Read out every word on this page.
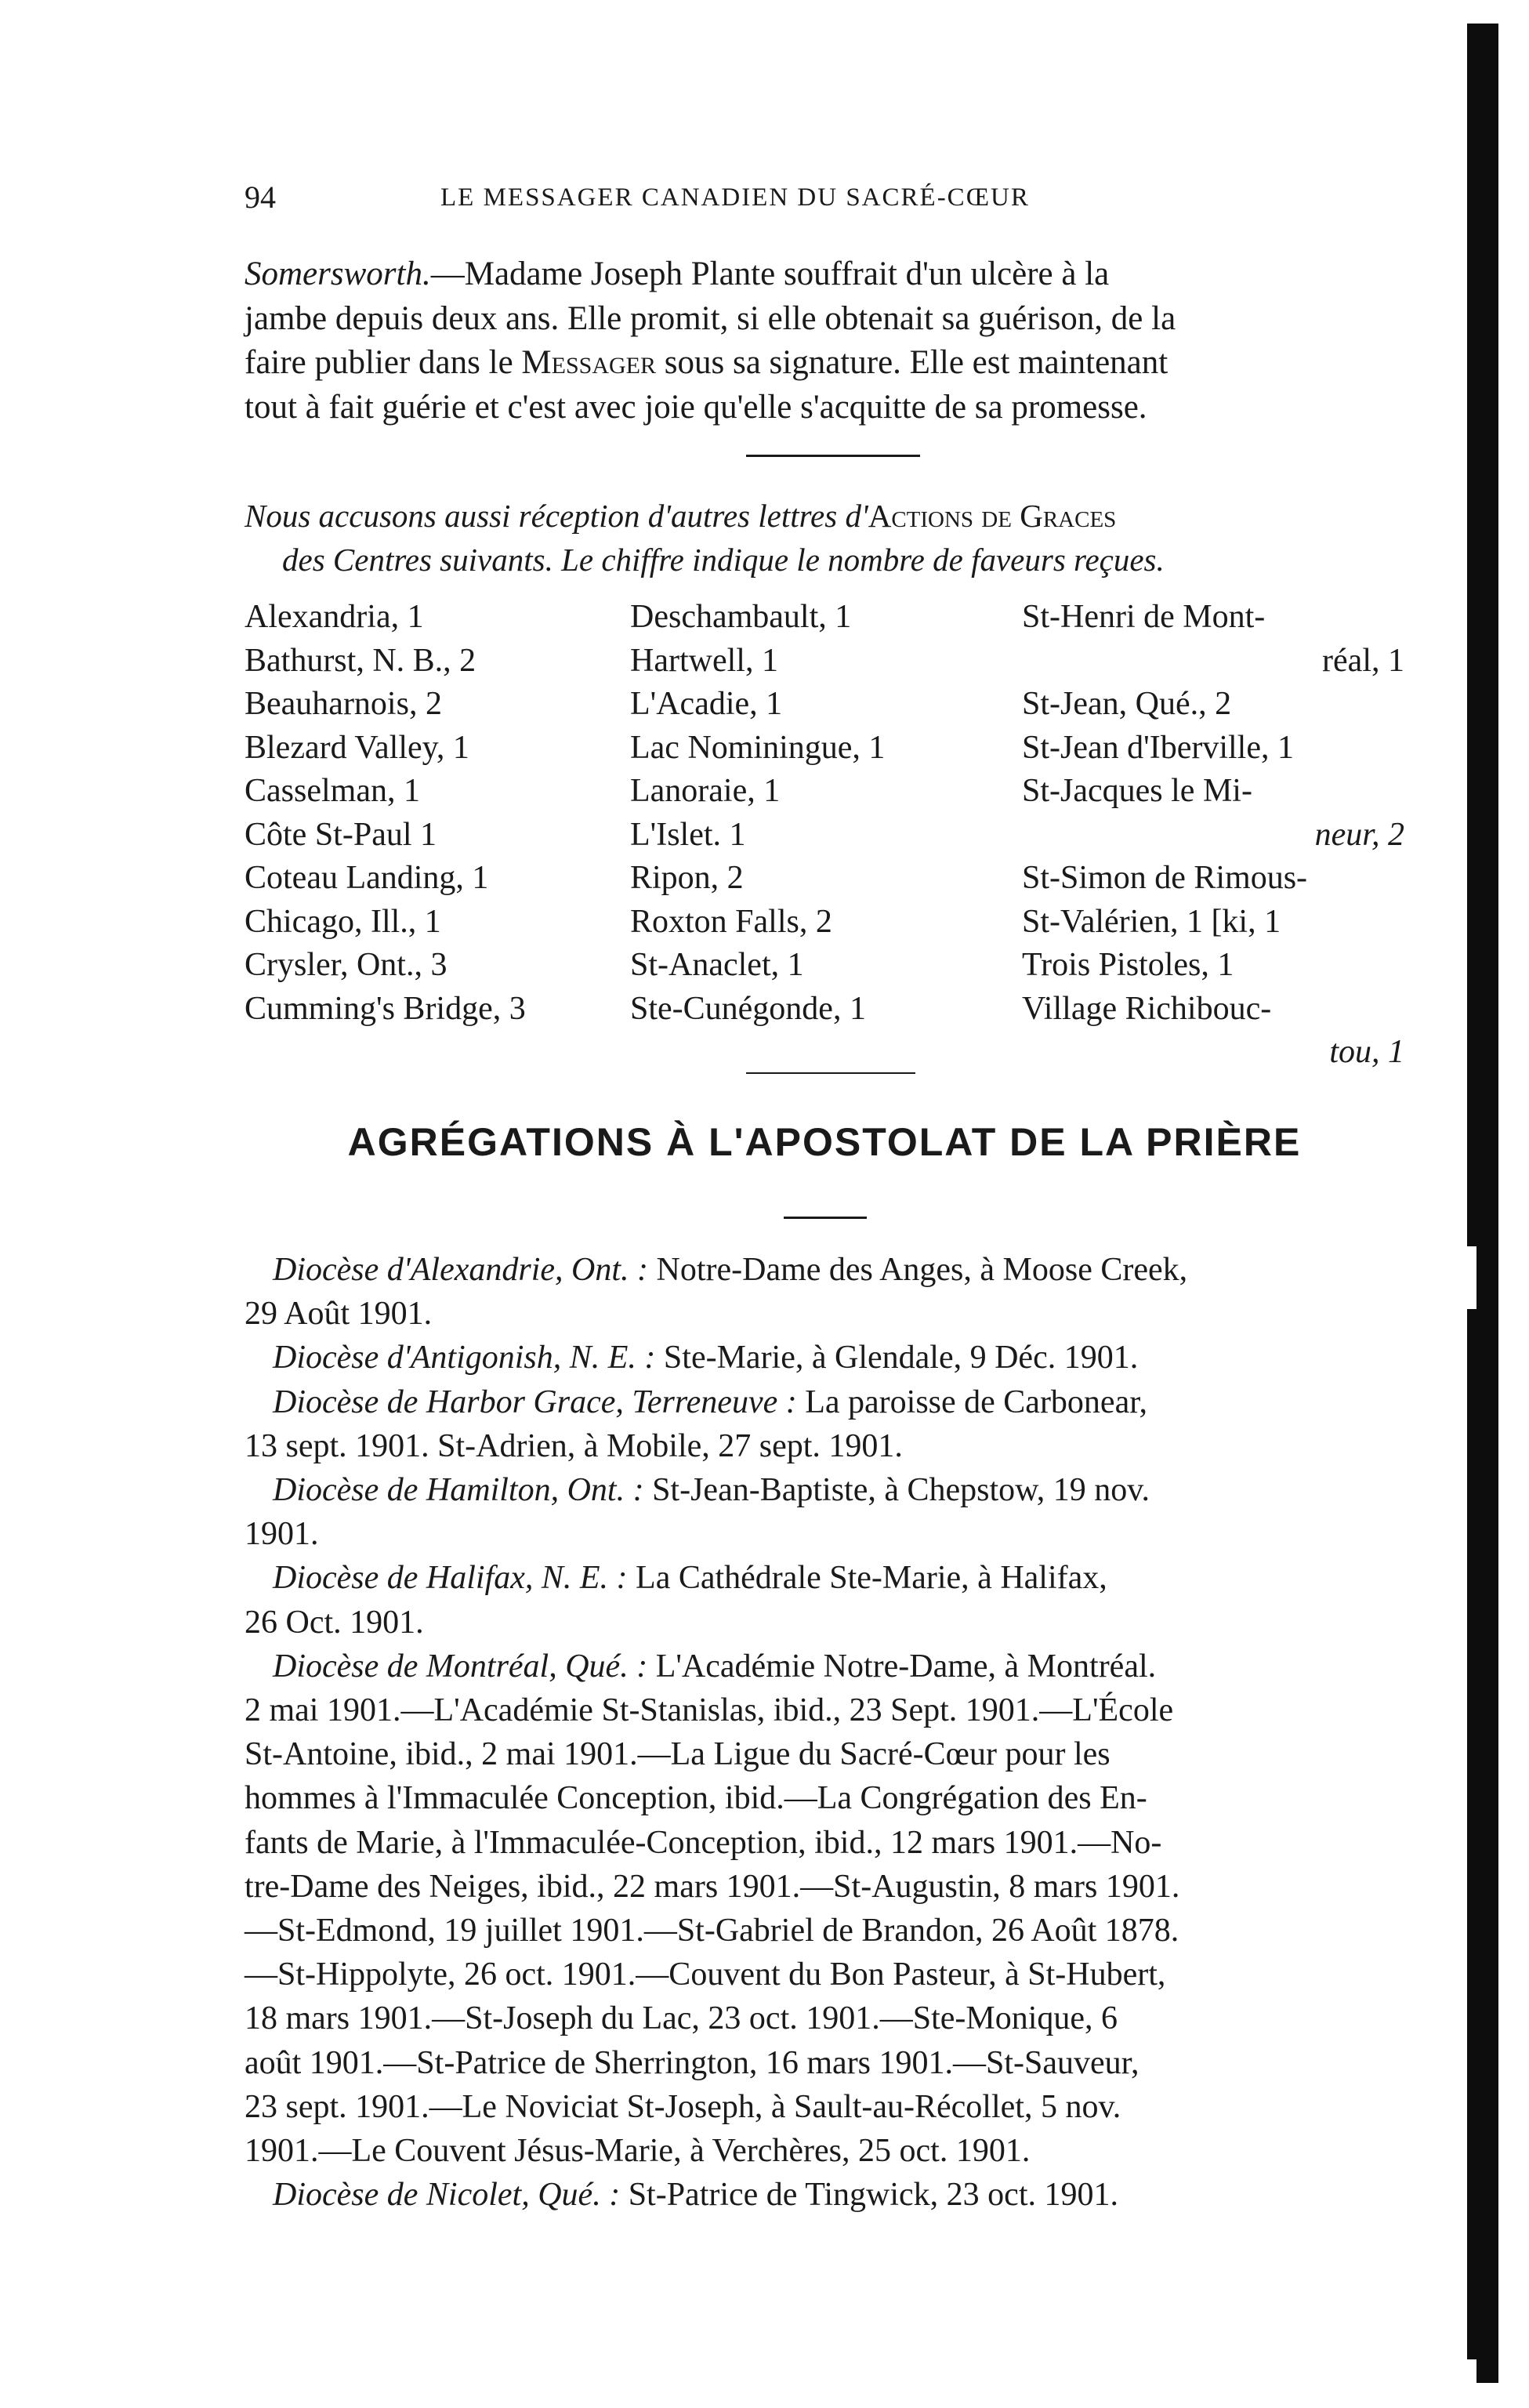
94	LE MESSAGER CANADIEN DU SACRÉ-CŒUR
Somersworth.—Madame Joseph Plante souffrait d'un ulcère à la
jambe depuis deux ans. Elle promit, si elle obtenait sa guérison, de la
faire publier dans le Messager sous sa signature. Elle est maintenant
tout à fait guérie et c'est avec joie qu'elle s'acquitte de sa promesse.
Nous accusons aussi réception d'autres lettres d'Actions de Graces
des Centres suivants. Le chiffre indique le nombre de faveurs reçues.
Alexandria, 1
Bathurst, N. B., 2
Beauharnois, 2
Blezard Valley, 1
Casselman, 1
Côte St-Paul 1
Coteau Landing, 1
Chicago, Ill., 1
Crysler, Ont., 3
Cumming's Bridge, 3
Deschambault, 1
Hartwell, 1
L'Acadie, 1
Lac Nominingue, 1
Lanoraie, 1
L'Islet. 1
Ripon, 2
Roxton Falls, 2
St-Anaclet, 1
Ste-Cunégonde, 1
St-Henri de Mont-
réal, 1
St-Jean, Qué., 2
St-Jean d'Iberville, 1
St-Jacques le Mi-
neur, 2
St-Simon de Rimous-
St-Valérien, 1 [ki, 1
Trois Pistoles, 1
Village Richibouc-
tou, 1
AGRÉGATIONS À L'APOSTOLAT DE LA PRIÈRE
Diocèse d'Alexandrie, Ont. : Notre-Dame des Anges, à Moose Creek,
29 Août 1901.
Diocèse d'Antigonish, N. E. : Ste-Marie, à Glendale, 9 Déc. 1901.
Diocèse de Harbor Grace, Terreneuve : La paroisse de Carbonear,
13 sept. 1901. St-Adrien, à Mobile, 27 sept. 1901.
Diocèse de Hamilton, Ont. : St-Jean-Baptiste, à Chepstow, 19 nov.
1901.
Diocèse de Halifax, N. E. : La Cathédrale Ste-Marie, à Halifax,
26 Oct. 1901.
Diocèse de Montréal, Qué. : L'Académie Notre-Dame, à Montréal.
2 mai 1901.—L'Académie St-Stanislas, ibid., 23 Sept. 1901.—L'École
St-Antoine, ibid., 2 mai 1901.—La Ligue du Sacré-Cœur pour les
hommes à l'Immaculée Conception, ibid.—La Congrégation des En-
fants de Marie, à l'Immaculée-Conception, ibid., 12 mars 1901.—No-
tre-Dame des Neiges, ibid., 22 mars 1901.—St-Augustin, 8 mars 1901.
—St-Edmond, 19 juillet 1901.—St-Gabriel de Brandon, 26 Août 1878.
—St-Hippolyte, 26 oct. 1901.—Couvent du Bon Pasteur, à St-Hubert,
18 mars 1901.—St-Joseph du Lac, 23 oct. 1901.—Ste-Monique, 6
août 1901.—St-Patrice de Sherrington, 16 mars 1901.—St-Sauveur,
23 sept. 1901.—Le Noviciat St-Joseph, à Sault-au-Récollet, 5 nov.
1901.—Le Couvent Jésus-Marie, à Verchères, 25 oct. 1901.
Diocèse de Nicolet, Qué. : St-Patrice de Tingwick, 23 oct. 1901.
